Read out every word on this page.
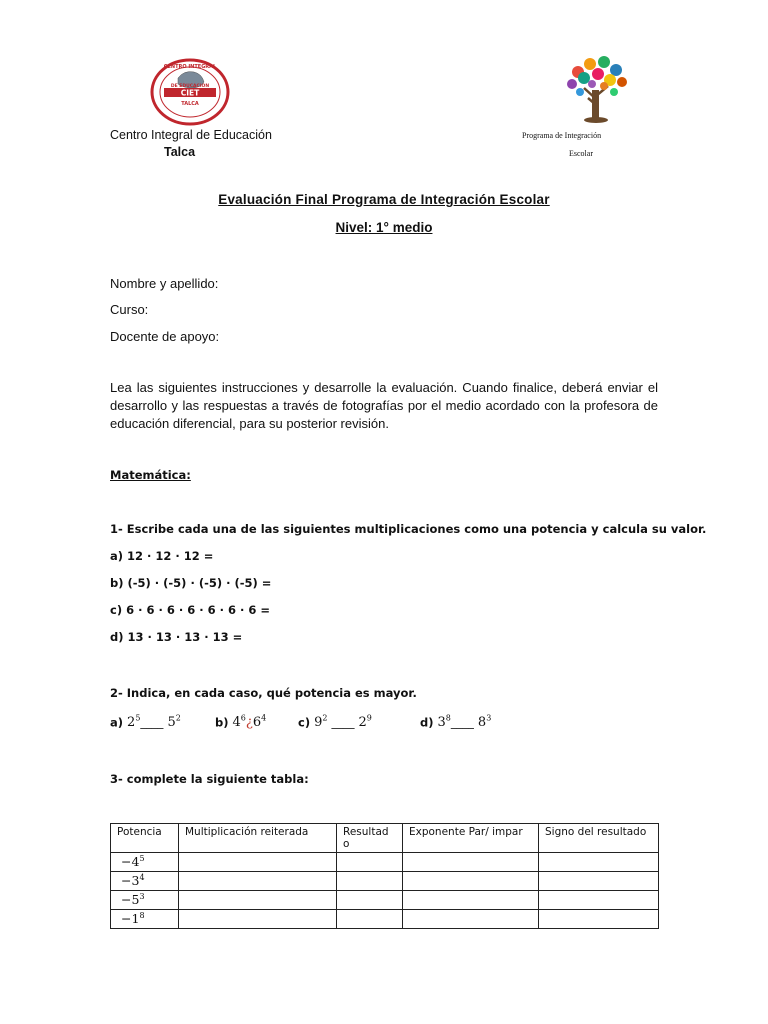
CIET
CENTRO INTEGRAL
DE EDUCACION
TALCA
Centro Integral de Educación
Talca
Programa de Integración
Escolar
Evaluación Final Programa de Integración Escolar
Nivel: 1° medio
Nombre y apellido:
Curso:
Docente de apoyo:
Lea las siguientes instrucciones y desarrolle la evaluación. Cuando finalice, deberá enviar el desarrollo y las respuestas a través de fotografías por el medio acordado con la profesora de educación diferencial, para su posterior revisión.
Matemática:
1- Escribe cada una de las siguientes multiplicaciones como una potencia y calcula su valor.
a) 12 · 12 · 12 =
b) (-5) · (-5) · (-5) · (-5) =
c) 6 · 6 · 6 · 6 · 6 · 6 · 6 =
d) 13 · 13 · 13 · 13 =
2- Indica, en cada caso, qué potencia es mayor.
a) $2^5\_\_\_\_$ $5^2$	b) $4^6¿6^4$	c) $9^2$ ____ $2^9$	d) $3^8\_\_\_\_$ $8^3$
3- complete la siguiente tabla:
Potencia	Multiplicación reiterada	Resultad o	Exponente Par/ impar	Signo del resultado
$-4^5$				
$-3^4$				
$-5^3$				
$-1^8$				
